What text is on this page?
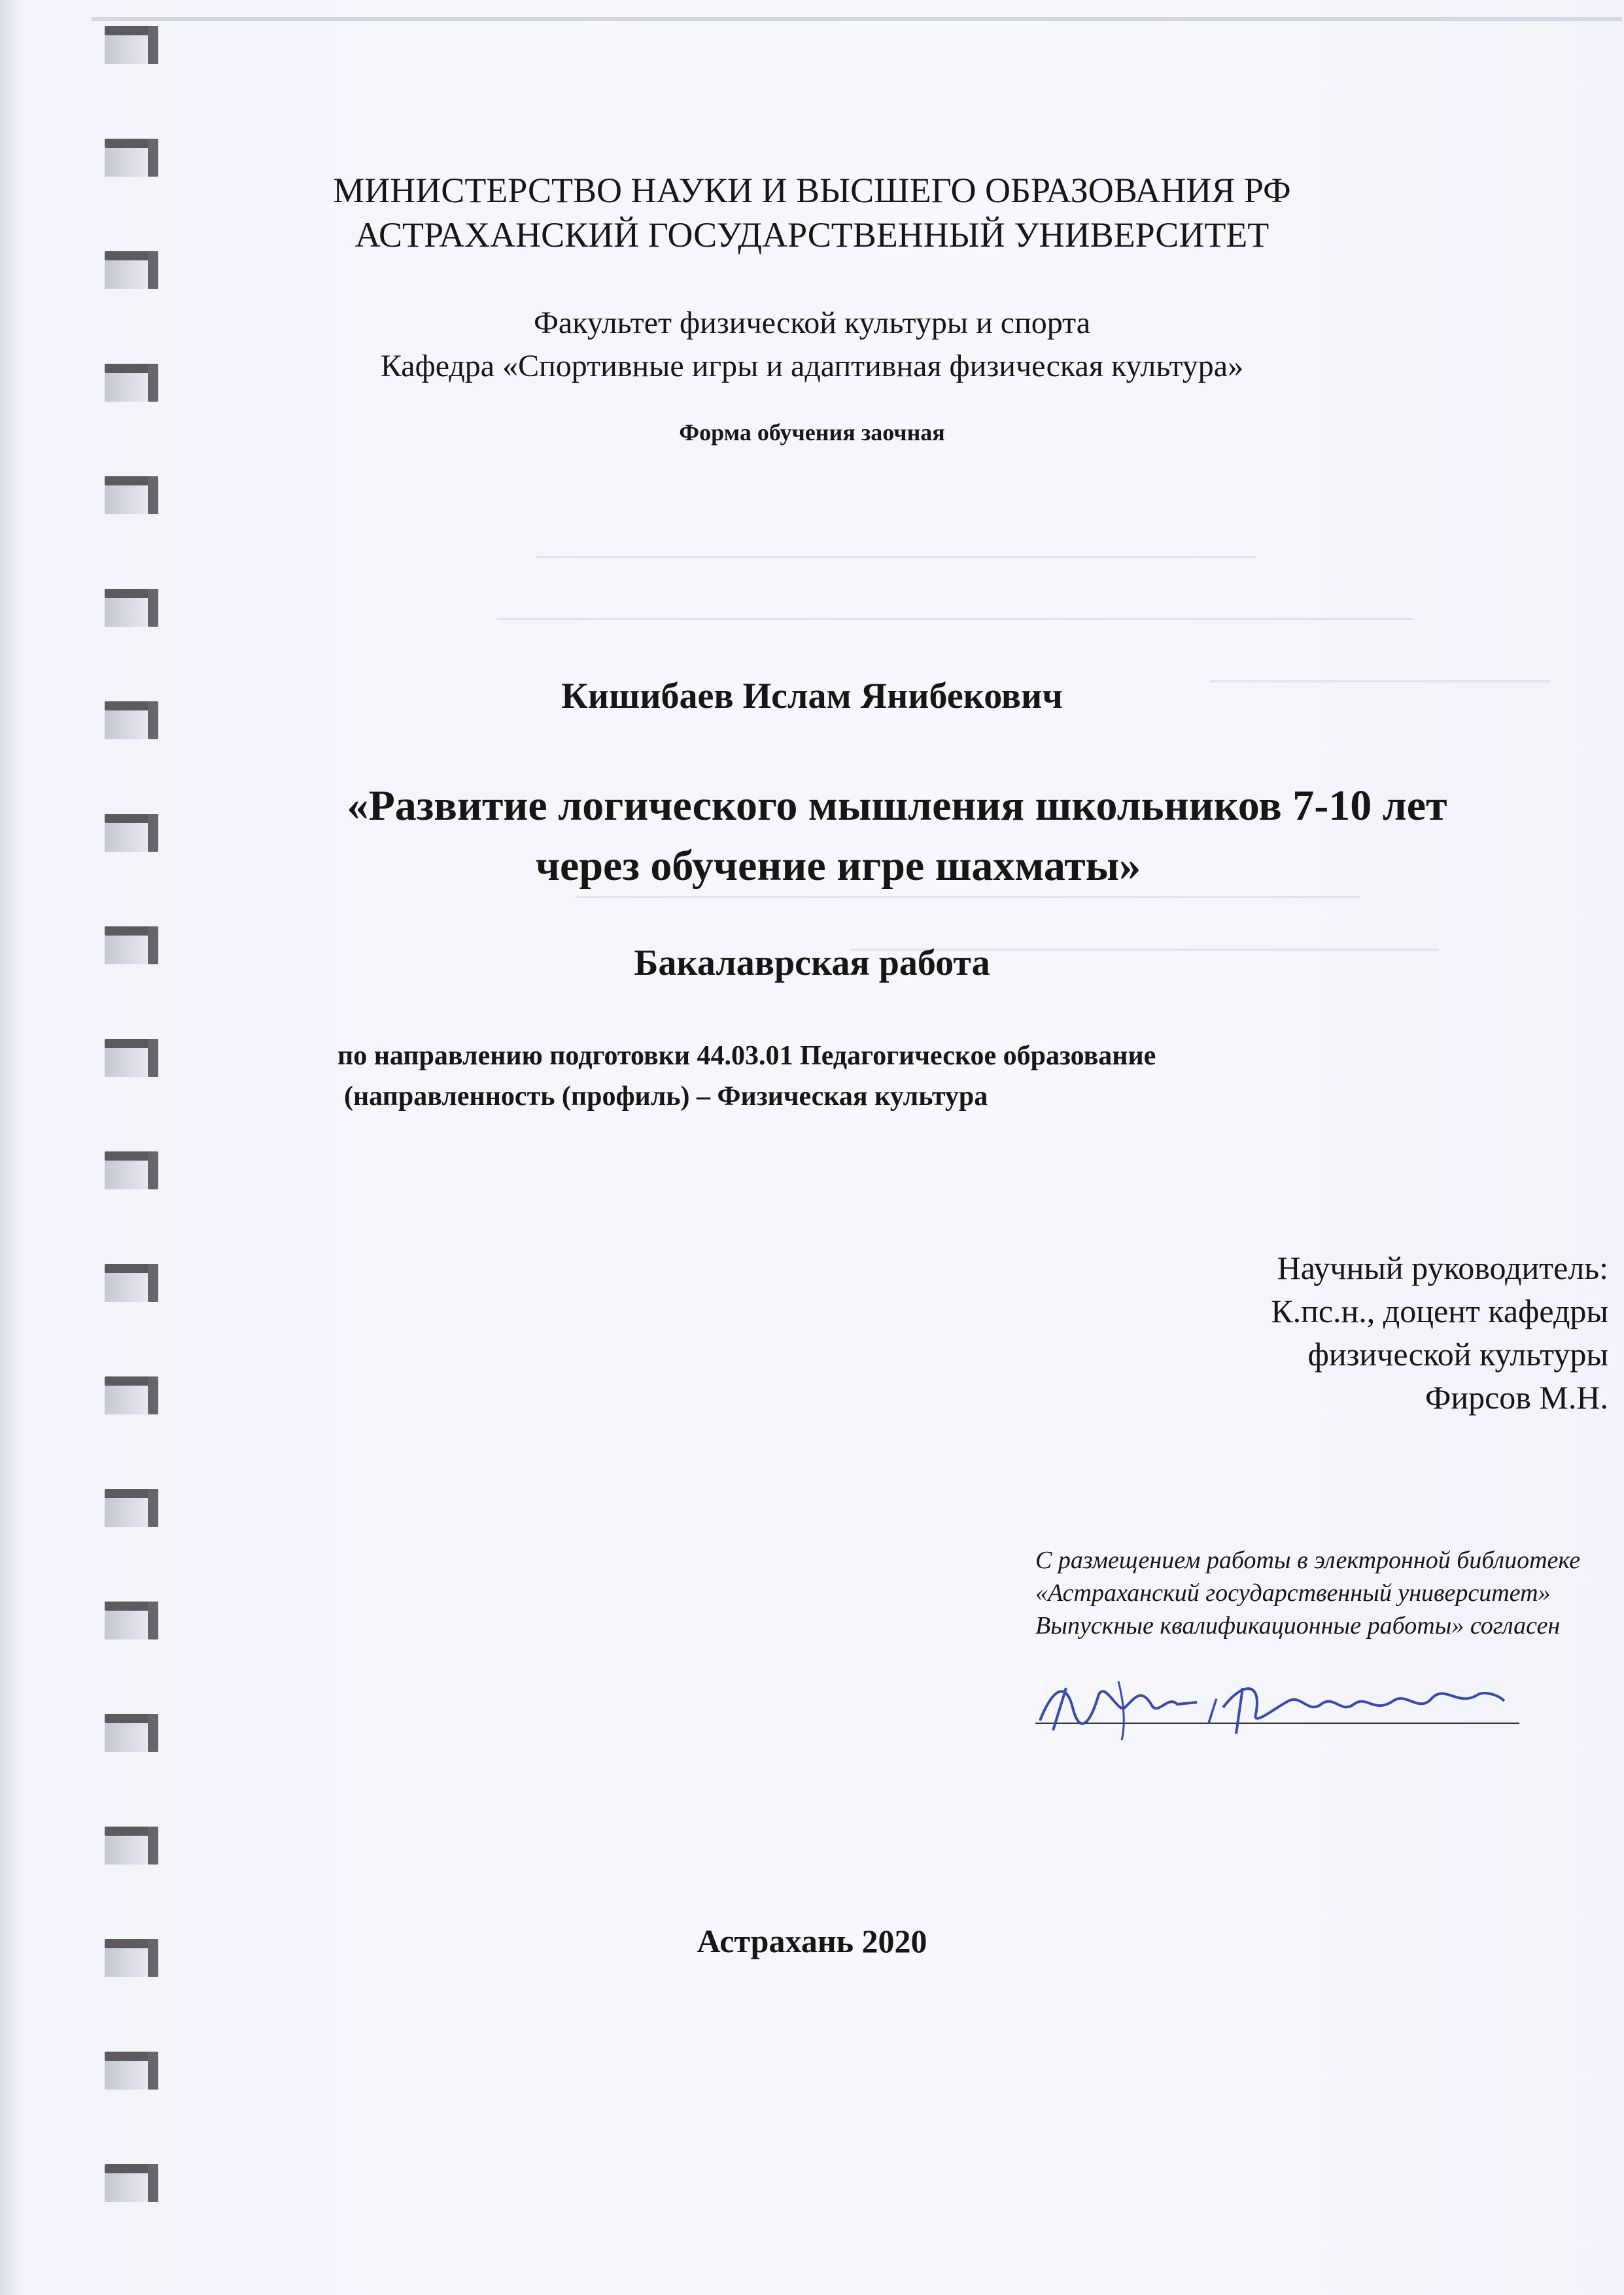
МИНИСТЕРСТВО НАУКИ И ВЫСШЕГО ОБРАЗОВАНИЯ РФ
АСТРАХАНСКИЙ ГОСУДАРСТВЕННЫЙ УНИВЕРСИТЕТ
Факультет физической культуры и спорта
Кафедра «Спортивные игры и адаптивная физическая культура»
Форма обучения заочная
Кишибаев Ислам Янибекович
«Развитие логического мышления школьников 7-10 лет
через обучение игре шахматы»
Бакалаврская работа
по направлению подготовки 44.03.01 Педагогическое образование
(направленность (профиль) – Физическая культура
Научный руководитель:
К.пс.н., доцент кафедры
физической культуры
Фирсов М.Н.
С размещением работы в электронной библиотеке «Астраханский государственный университет» Выпускные квалификационные работы» согласен
/
Астрахань 2020
